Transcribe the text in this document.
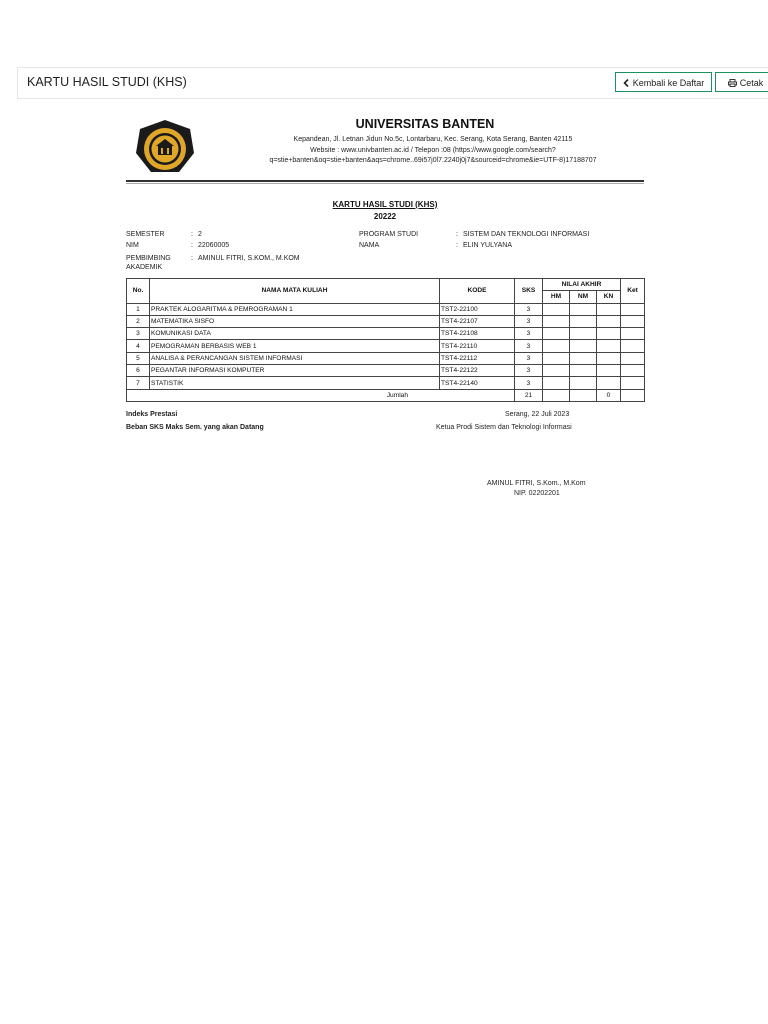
KARTU HASIL STUDI (KHS)	Kembali ke Daftar	Cetak
UNIVERSITAS BANTEN
Kepandean, Jl. Letnan Jidun No.5c, Lontarbaru, Kec. Serang, Kota Serang, Banten 42115
Website : www.univbanten.ac.id / Telepon :08 (https://www.google.com/search?
q=stie+banten&oq=stie+banten&aqs=chrome..69i57j0l7.2240j0j7&sourceid=chrome&ie=UTF-8)17188707
KARTU HASIL STUDI (KHS)
20222
SEMESTER	: 2
NIM	: 22060005
PEMBIMBING
AKADEMIK
: AMINUL FITRI, S.KOM., M.KOM
PROGRAM STUDI	: SISTEM DAN TEKNOLOGI INFORMASI
NAMA	: ELIN YULYANA
No.	NAMA MATA KULIAH	KODE	SKS	NILAI AKHIR			Ket
				HM	NM	KN	
1	PRAKTEK ALOGARITMA & PEMROGRAMAN 1	TST2-22100	3				
2	MATEMATIKA SISFO	TST4-22107	3				
3	KOMUNIKASI DATA	TST4-22108	3				
4	PEMOGRAMAN BERBASIS WEB 1	TST4-22110	3				
5	ANALISA & PERANCANGAN SISTEM INFORMASI	TST4-22112	3				
6	PEGANTAR INFORMASI KOMPUTER	TST4-22122	3				
7	STATISTIK	TST4-22140	3				
Jumlah			21			0	
Indeks Prestasi
Beban SKS Maks Sem. yang akan Datang
Serang, 22 Juli 2023
Ketua Prodi Sistem dan Teknologi Informasi
AMINUL FITRI, S.Kom., M.Kom
NIP. 02202201
